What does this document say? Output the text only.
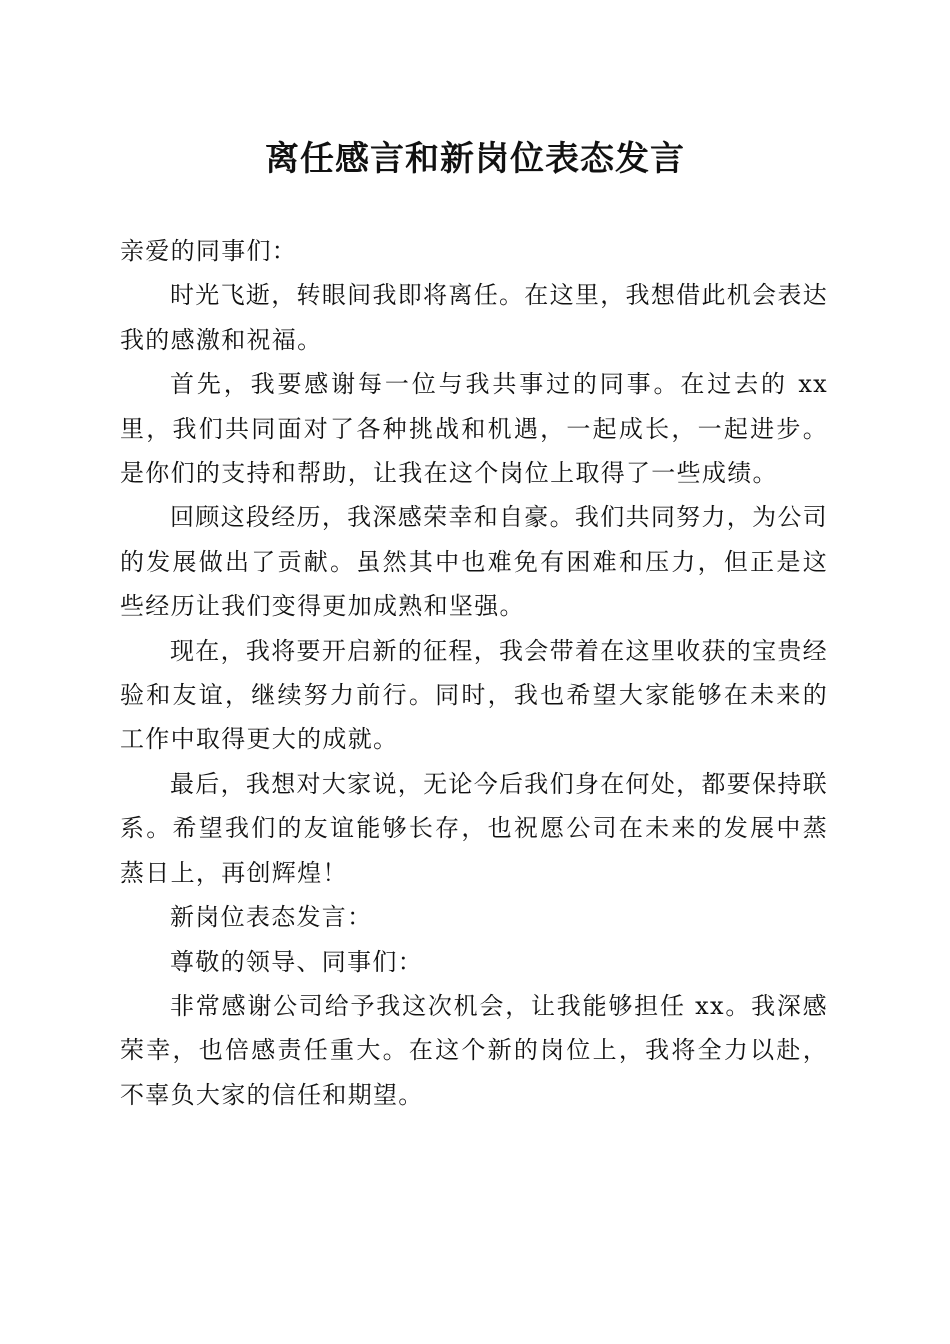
离任感言和新岗位表态发言

亲爱的同事们：

时光飞逝，转眼间我即将离任。在这里，我想借此机会表达我的感激和祝福。

首先，我要感谢每一位与我共事过的同事。在过去的 xx 里，我们共同面对了各种挑战和机遇，一起成长，一起进步。是你们的支持和帮助，让我在这个岗位上取得了一些成绩。

回顾这段经历，我深感荣幸和自豪。我们共同努力，为公司的发展做出了贡献。虽然其中也难免有困难和压力，但正是这些经历让我们变得更加成熟和坚强。

现在，我将要开启新的征程，我会带着在这里收获的宝贵经验和友谊，继续努力前行。同时，我也希望大家能够在未来的工作中取得更大的成就。

最后，我想对大家说，无论今后我们身在何处，都要保持联系。希望我们的友谊能够长存，也祝愿公司在未来的发展中蒸蒸日上，再创辉煌！

新岗位表态发言：

尊敬的领导、同事们：

非常感谢公司给予我这次机会，让我能够担任 xx。我深感荣幸，也倍感责任重大。在这个新的岗位上，我将全力以赴，不辜负大家的信任和期望。
